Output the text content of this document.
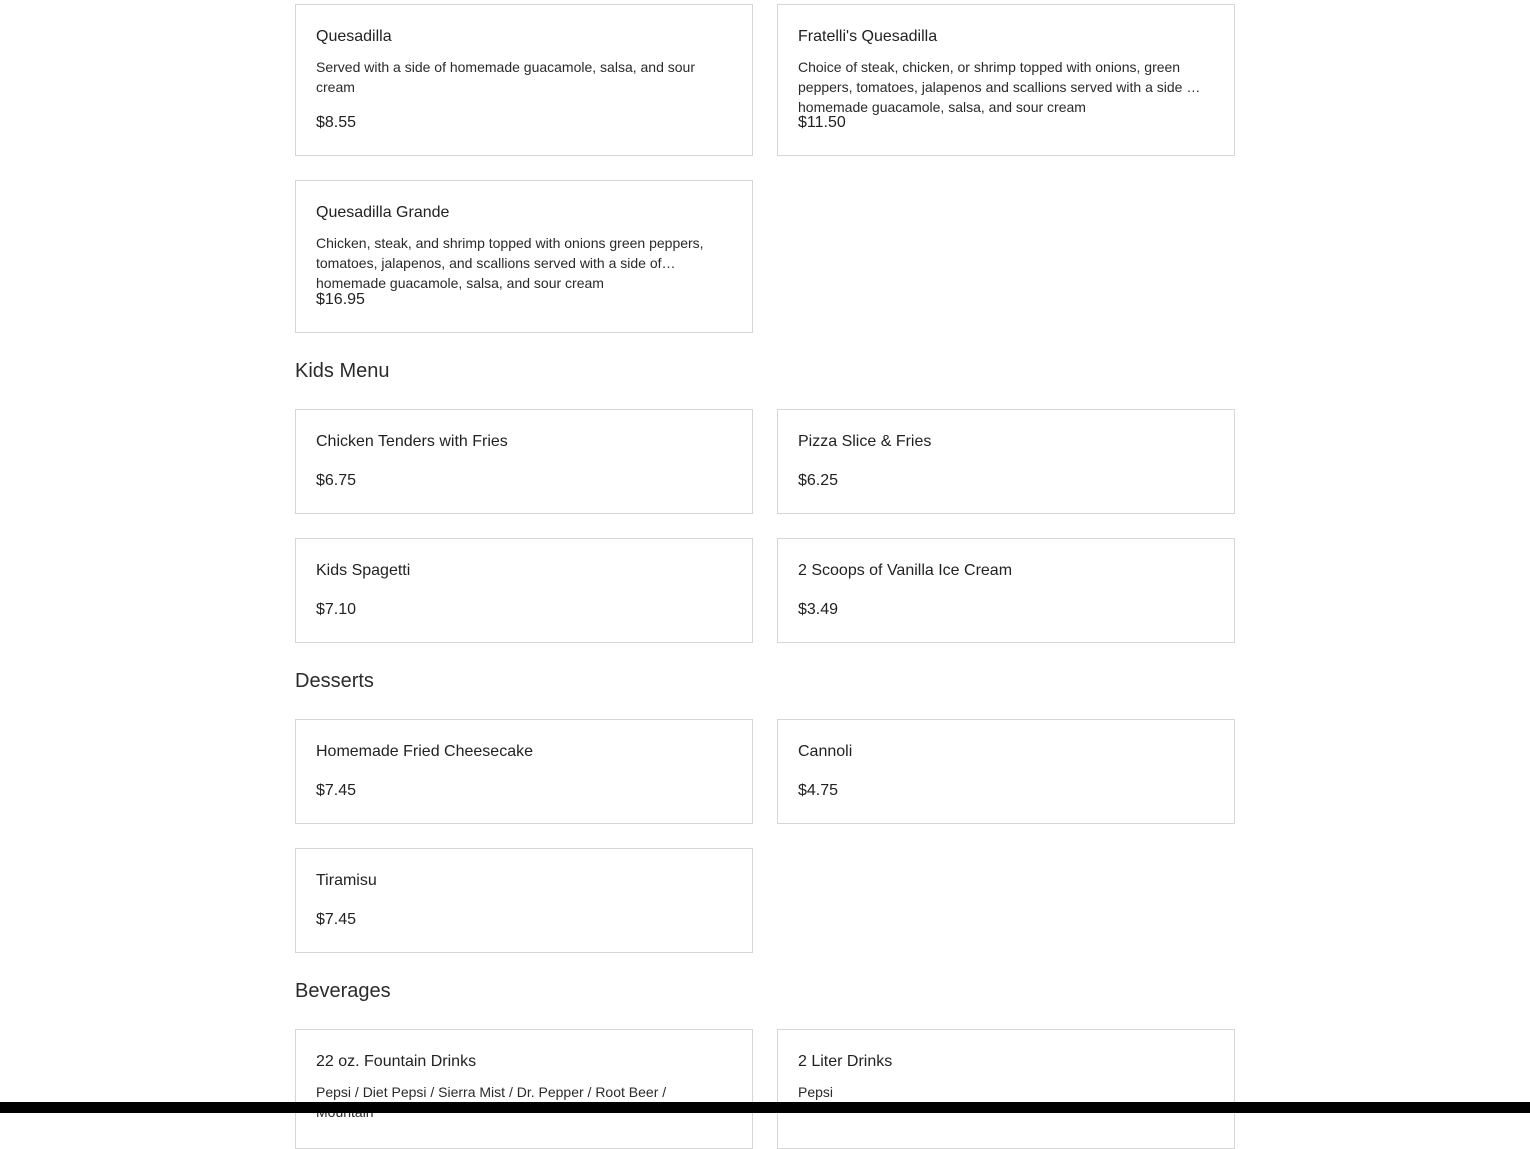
Quesadilla
Served with a side of homemade guacamole, salsa, and sour cream
$8.55
Fratelli's Quesadilla
Choice of steak, chicken, or shrimp topped with onions, green peppers, tomatoes, jalapenos and scallions served with a side of homemade guacamole, salsa, and sour cream
$11.50
Quesadilla Grande
Chicken, steak, and shrimp topped with onions green peppers, tomatoes, jalapenos, and scallions served with a side of homemade guacamole, salsa, and sour cream
$16.95
Kids Menu
Chicken Tenders with Fries
$6.75
Pizza Slice & Fries
$6.25
Kids Spagetti
$7.10
2 Scoops of Vanilla Ice Cream
$3.49
Desserts
Homemade Fried Cheesecake
$7.45
Cannoli
$4.75
Tiramisu
$7.45
Beverages
22 oz. Fountain Drinks
Pepsi / Diet Pepsi / Sierra Mist / Dr. Pepper / Root Beer /
2 Liter Drinks
Pepsi
